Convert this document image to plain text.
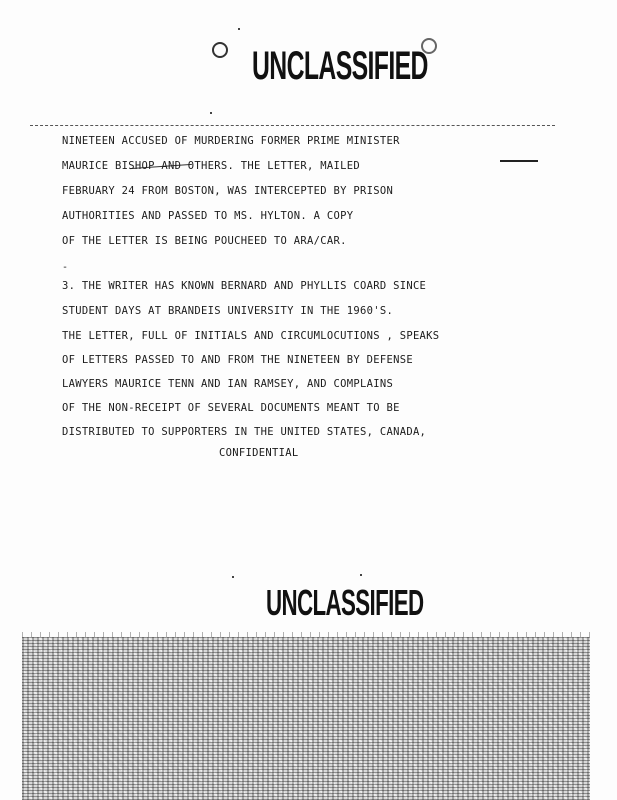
UNCLASSIFIED
NINETEEN ACCUSED OF MURDERING FORMER PRIME MINISTER
MAURICE BISHOP AND OTHERS. THE LETTER, MAILED
FEBRUARY 24 FROM BOSTON, WAS INTERCEPTED BY PRISON
AUTHORITIES AND PASSED TO MS. HYLTON. A COPY
OF THE LETTER IS BEING POUCHEED TO ARA/CAR.
-
3. THE WRITER HAS KNOWN BERNARD AND PHYLLIS COARD SINCE
STUDENT DAYS AT BRANDEIS UNIVERSITY IN THE 1960'S.
THE LETTER, FULL OF INITIALS AND CIRCUMLOCUTIONS , SPEAKS
OF LETTERS PASSED TO AND FROM THE NINETEEN BY DEFENSE
LAWYERS MAURICE TENN AND IAN RAMSEY, AND COMPLAINS
OF THE NON-RECEIPT OF SEVERAL DOCUMENTS MEANT TO BE
DISTRIBUTED TO SUPPORTERS IN THE UNITED STATES, CANADA,
CONFIDENTIAL
UNCLASSIFIED
